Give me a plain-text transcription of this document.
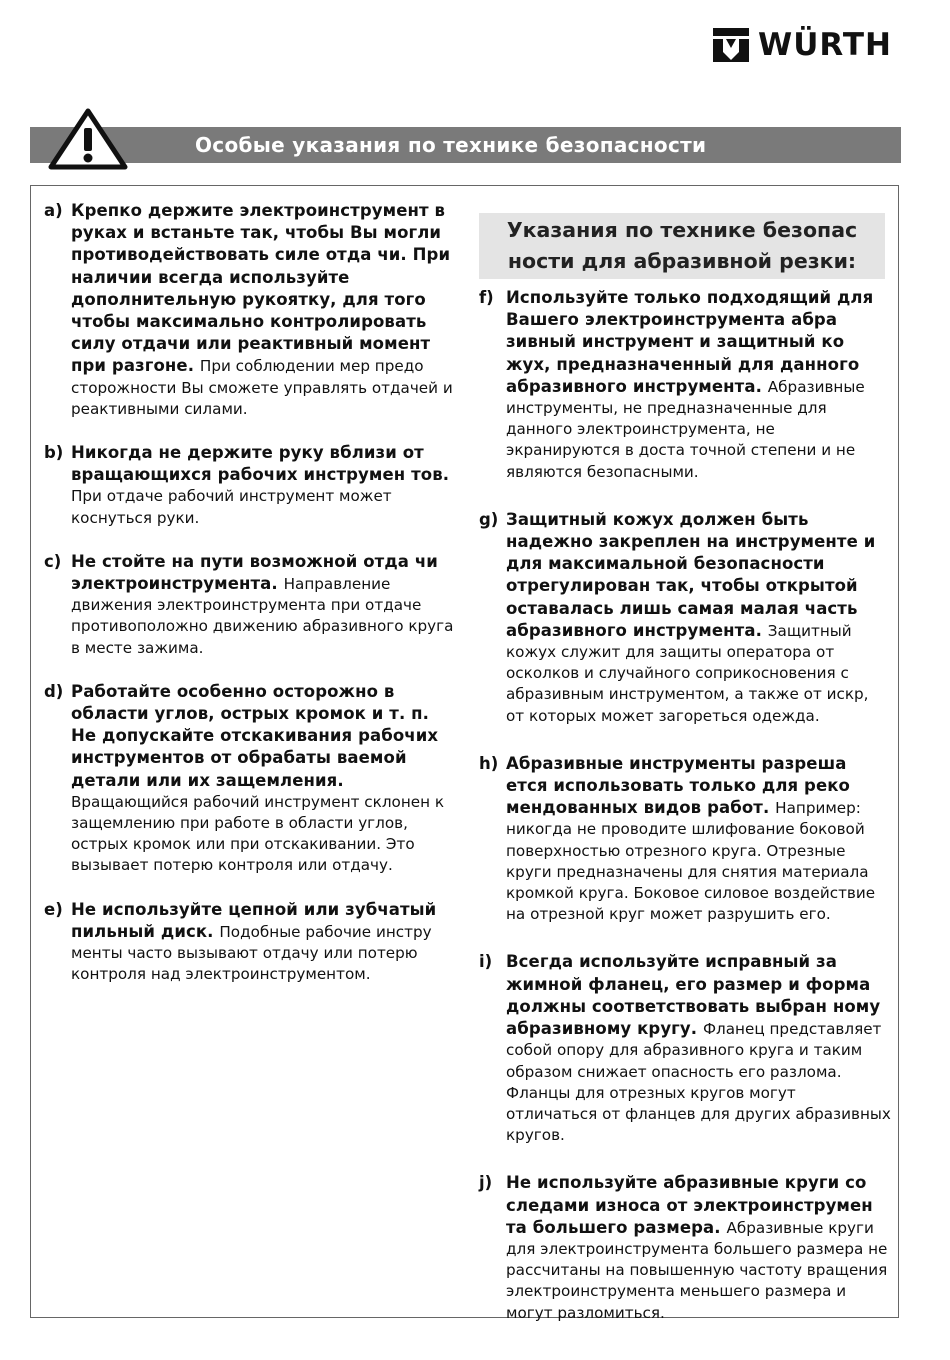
WÜRTH
Особые указания по технике безопасности
a) Крепко держите электроинструмент в руках и встаньте так, чтобы Вы могли противодействовать силе отда чи. При наличии всегда используйте дополнительную рукоятку, для того чтобы максимально контролировать силу отдачи или реактивный момент при разгоне. При соблюдении мер предо сторожности Вы сможете управлять отдачей и реактивными силами.
b) Никогда не держите руку вблизи от вращающихся рабочих инструмен тов. При отдаче рабочий инструмент может коснуться руки.
c) Не стойте на пути возможной отда чи электроинструмента. Направление движения электроинструмента при отдаче противоположно движению абразивного круга в месте зажима.
d) Работайте особенно осторожно в области углов, острых кромок и т. п. Не допускайте отскакивания рабочих инструментов от обрабаты ваемой детали или их защемления. Вращающийся рабочий инструмент склонен к защемлению при работе в области углов, острых кромок или при отскакивании. Это вызывает потерю контроля или отдачу.
e) Не используйте цепной или зубчатый пильный диск. Подобные рабочие инстру менты часто вызывают отдачу или потерю контроля над электроинструментом.
Указания по технике безопас
ности для абразивной резки:
f) Используйте только подходящий для Вашего электроинструмента абра зивный инструмент и защитный ко жух, предназначенный для данного абразивного инструмента. Абразивные инструменты, не предназначенные для данного электроинструмента, не экранируются в доста точной степени и не являются безопасными.
g) Защитный кожух должен быть надежно закреплен на инструменте и для максимальной безопасности отрегулирован так, чтобы открытой оставалась лишь самая малая часть абразивного инструмента. Защитный кожух служит для защиты оператора от осколков и случайного соприкосновения с абразивным инструментом, а также от искр, от которых может загореться одежда.
h) Абразивные инструменты разреша ется использовать только для реко мендованных видов работ. Например: никогда не проводите шлифование боковой поверхностью отрезного круга. Отрезные круги предназначены для снятия материала кромкой круга. Боковое силовое воздействие на отрезной круг может разрушить его.
i) Всегда используйте исправный за жимной фланец, его размер и форма должны соответствовать выбран ному абразивному кругу. Фланец представляет собой опору для абразивного круга и таким образом снижает опасность его разлома. Фланцы для отрезных кругов могут отличаться от фланцев для других абразивных кругов.
j) Не используйте абразивные круги со следами износа от электроинструмен та большего размера. Абразивные круги для электроинструмента большего размера не рассчитаны на повышенную частоту вращения электроинструмента меньшего размера и могут разломиться.
